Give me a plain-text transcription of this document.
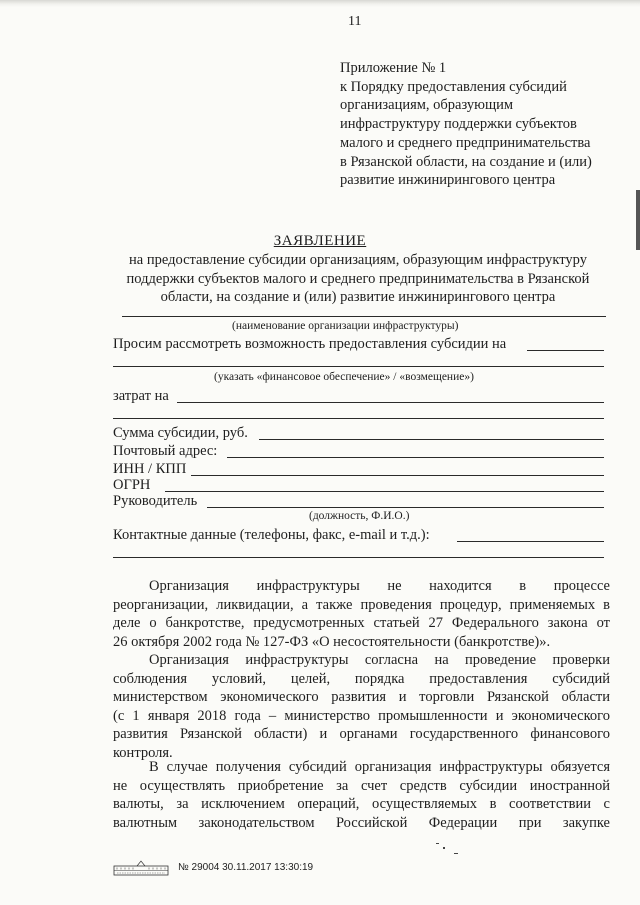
11
Приложение № 1
к Порядку предоставления субсидий
организациям, образующим
инфраструктуру поддержки субъектов
малого и среднего предпринимательства
в Рязанской области, на создание и (или)
развитие инжинирингового центра
ЗАЯВЛЕНИЕ
на предоставление субсидии организациям, образующим инфраструктуру
поддержки субъектов малого и среднего предпринимательства в Рязанской
области, на создание и (или) развитие инжинирингового центра
(наименование организации инфраструктуры)
Просим рассмотреть возможность предоставления субсидии на
(указать «финансовое обеспечение» / «возмещение»)
затрат на
Сумма субсидии, руб.
Почтовый адрес:
ИНН / КПП
ОГРН
Руководитель
(должность, Ф.И.О.)
Контактные данные (телефоны, факс, e-mail и т.д.):
Организация инфраструктуры не находится в процессе
реорганизации, ликвидации, а также проведения процедур, применяемых в
деле о банкротстве, предусмотренных статьей 27 Федерального закона от
26 октября 2002 года № 127-ФЗ «О несостоятельности (банкротстве)».
Организация инфраструктуры согласна на проведение проверки
соблюдения условий, целей, порядка предоставления субсидий
министерством экономического развития и торговли Рязанской области
(с 1 января 2018 года – министерство промышленности и экономического
развития Рязанской области) и органами государственного финансового
контроля.
В случае получения субсидий организация инфраструктуры обязуется
не осуществлять приобретение за счет средств субсидии иностранной
валюты, за исключением операций, осуществляемых в соответствии с
валютным законодательством Российской Федерации при закупке
№ 29004 30.11.2017 13:30:19
